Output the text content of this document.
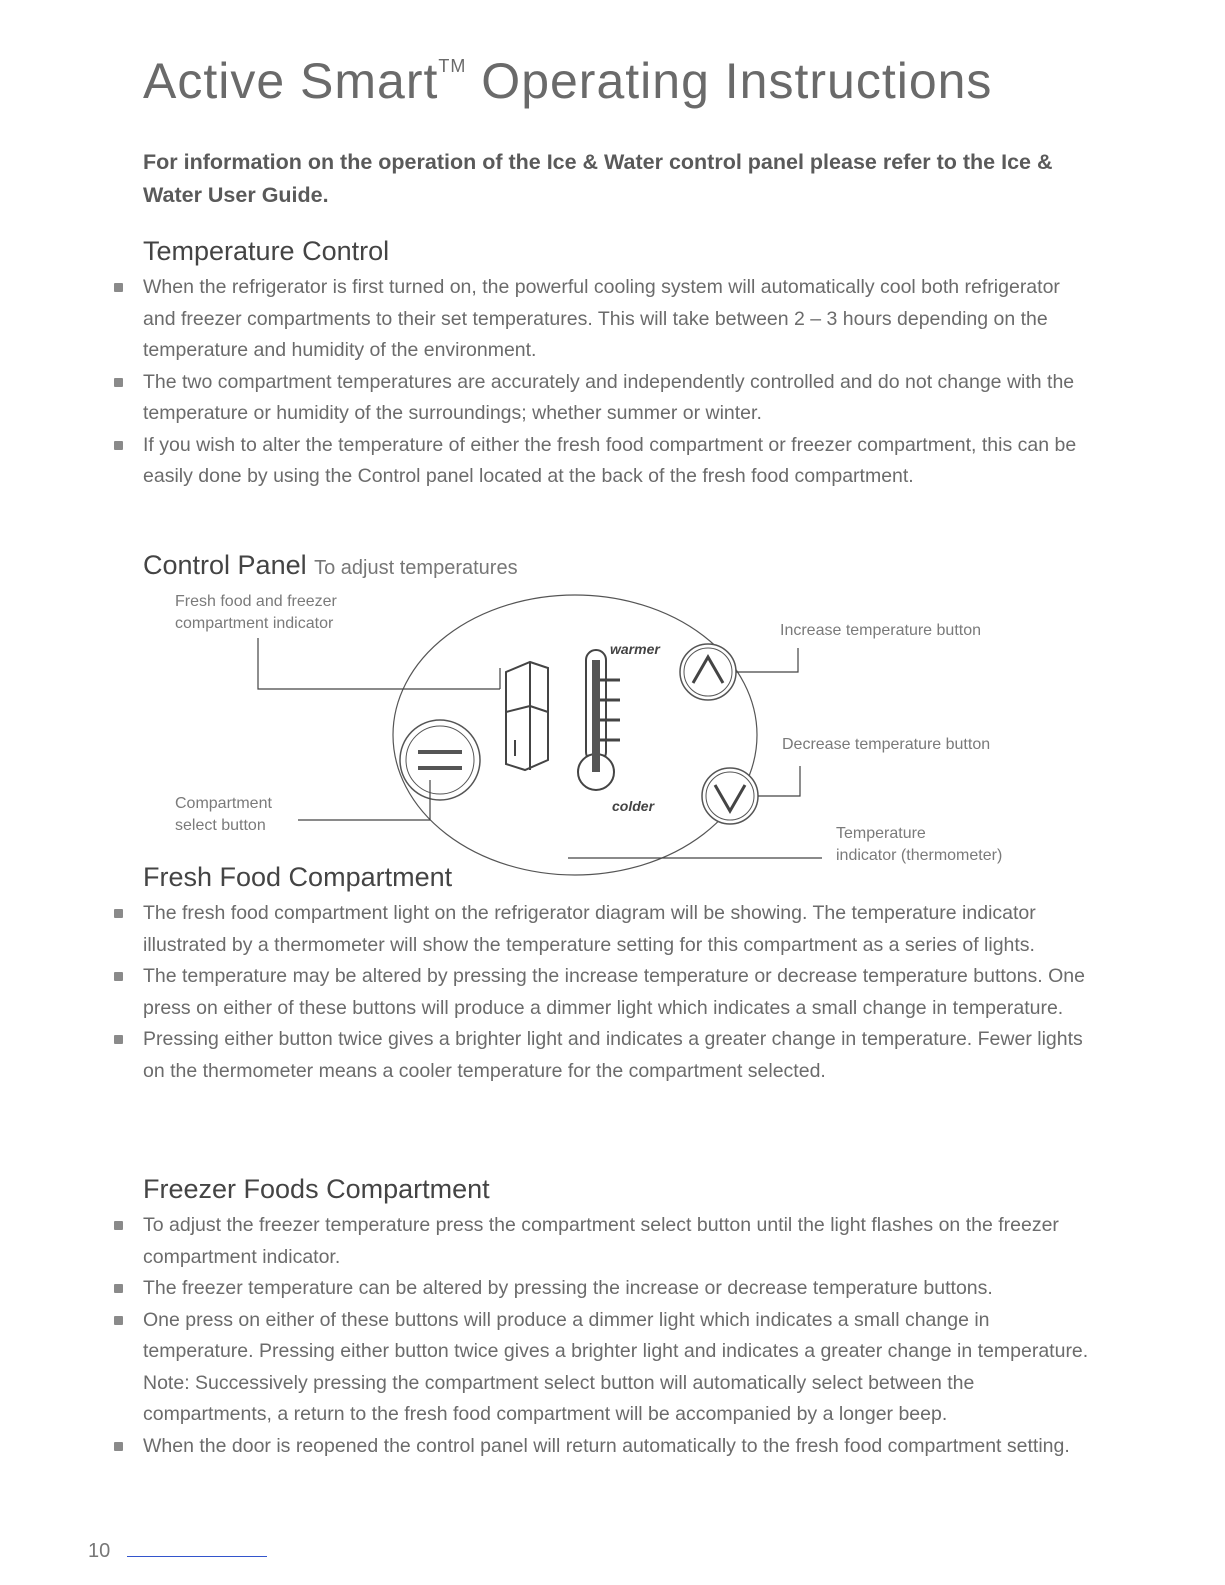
Active Smart™ Operating Instructions

For information on the operation of the Ice & Water control panel please refer to the Ice & Water User Guide.

Temperature Control
When the refrigerator is first turned on, the powerful cooling system will automatically cool both refrigerator and freezer compartments to their set temperatures. This will take between 2 – 3 hours depending on the temperature and humidity of the environment.
The two compartment temperatures are accurately and independently controlled and do not change with the temperature or humidity of the surroundings; whether summer or winter.
If you wish to alter the temperature of either the fresh food compartment or freezer compartment, this can be easily done by using the Control panel located at the back of the fresh food compartment.
Control Panel To adjust temperatures
Fresh food and freezer
compartment indicator
Compartment
select button
Increase temperature button
Decrease temperature button
Temperature
indicator (thermometer)
warmer
colder
Fresh Food Compartment
The fresh food compartment light on the refrigerator diagram will be showing. The temperature indicator illustrated by a thermometer will show the temperature setting for this compartment as a series of lights.
The temperature may be altered by pressing the increase temperature or decrease temperature buttons. One press on either of these buttons will produce a dimmer light which indicates a small change in temperature.
Pressing either button twice gives a brighter light and indicates a greater change in temperature. Fewer lights on the thermometer means a cooler temperature for the compartment selected.
Freezer Foods Compartment
To adjust the freezer temperature press the compartment select button until the light flashes on the freezer compartment indicator.
The freezer temperature can be altered by pressing the increase or decrease temperature buttons.
One press on either of these buttons will produce a dimmer light which indicates a small change in temperature. Pressing either button twice gives a brighter light and indicates a greater change in temperature.
Note: Successively pressing the compartment select button will automatically select between the compartments, a return to the fresh food compartment will be accompanied by a longer beep.
When the door is reopened the control panel will return automatically to the fresh food compartment setting.
10
